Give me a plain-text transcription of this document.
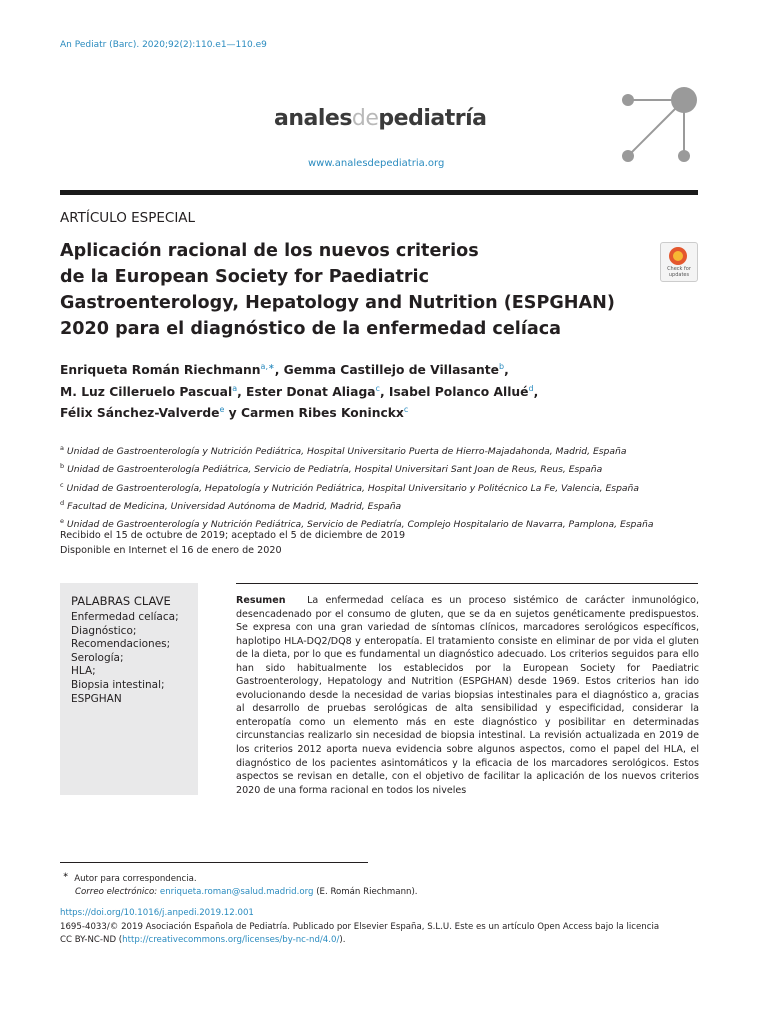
An Pediatr (Barc). 2020;92(2):110.e1—110.e9
analesdepediatría
www.analesdepediatria.org
ARTÍCULO ESPECIAL
Aplicación racional de los nuevos criterios
de la European Society for Paediatric
Gastroenterology, Hepatology and Nutrition (ESPGHAN)
2020 para el diagnóstico de la enfermedad celíaca
Check for updates
Enriqueta Román Riechmann$^{a,∗}$, Gemma Castillejo de Villasante$^b$,
M. Luz Cilleruelo Pascual$^a$, Ester Donat Aliaga$^c$, Isabel Polanco Allué$^d$,
Félix Sánchez-Valverde$^e$ y Carmen Ribes Koninckx$^c$
$^a$ Unidad de Gastroenterología y Nutrición Pediátrica, Hospital Universitario Puerta de Hierro-Majadahonda, Madrid, España
$^b$ Unidad de Gastroenterología Pediátrica, Servicio de Pediatría, Hospital Universitari Sant Joan de Reus, Reus, España
$^c$ Unidad de Gastroenterología, Hepatología y Nutrición Pediátrica, Hospital Universitario y Politécnico La Fe, Valencia, España
$^d$ Facultad de Medicina, Universidad Autónoma de Madrid, Madrid, España
$^e$ Unidad de Gastroenterología y Nutrición Pediátrica, Servicio de Pediatría, Complejo Hospitalario de Navarra, Pamplona, España
Recibido el 15 de octubre de 2019; aceptado el 5 de diciembre de 2019
Disponible en Internet el 16 de enero de 2020
PALABRAS CLAVE
Enfermedad celíaca;
Diagnóstico;
Recomendaciones;
Serología;
HLA;
Biopsia intestinal;
ESPGHAN
Resumen La enfermedad celíaca es un proceso sistémico de carácter inmunológico, desencadenado por el consumo de gluten, que se da en sujetos genéticamente predispuestos. Se expresa con una gran variedad de síntomas clínicos, marcadores serológicos específicos, haplotipo HLA-DQ2/DQ8 y enteropatía. El tratamiento consiste en eliminar de por vida el gluten de la dieta, por lo que es fundamental un diagnóstico adecuado. Los criterios seguidos para ello han sido habitualmente los establecidos por la European Society for Paediatric Gastroenterology, Hepatology and Nutrition (ESPGHAN) desde 1969. Estos criterios han ido evolucionando desde la necesidad de varias biopsias intestinales para el diagnóstico a, gracias al desarrollo de pruebas serológicas de alta sensibilidad y especificidad, considerar la enteropatía como un elemento más en este diagnóstico y posibilitar en determinadas circunstancias realizarlo sin necesidad de biopsia intestinal. La revisión actualizada en 2019 de los criterios 2012 aporta nueva evidencia sobre algunos aspectos, como el papel del HLA, el diagnóstico de los pacientes asintomáticos y la eficacia de los marcadores serológicos. Estos aspectos se revisan en detalle, con el objetivo de facilitar la aplicación de los nuevos criterios 2020 de una forma racional en todos los niveles
∗ Autor para correspondencia.
Correo electrónico: enriqueta.roman@salud.madrid.org (E. Román Riechmann).
https://doi.org/10.1016/j.anpedi.2019.12.001
1695-4033/© 2019 Asociación Española de Pediatría. Publicado por Elsevier España, S.L.U. Este es un artículo Open Access bajo la licencia
CC BY-NC-ND (http://creativecommons.org/licenses/by-nc-nd/4.0/).
